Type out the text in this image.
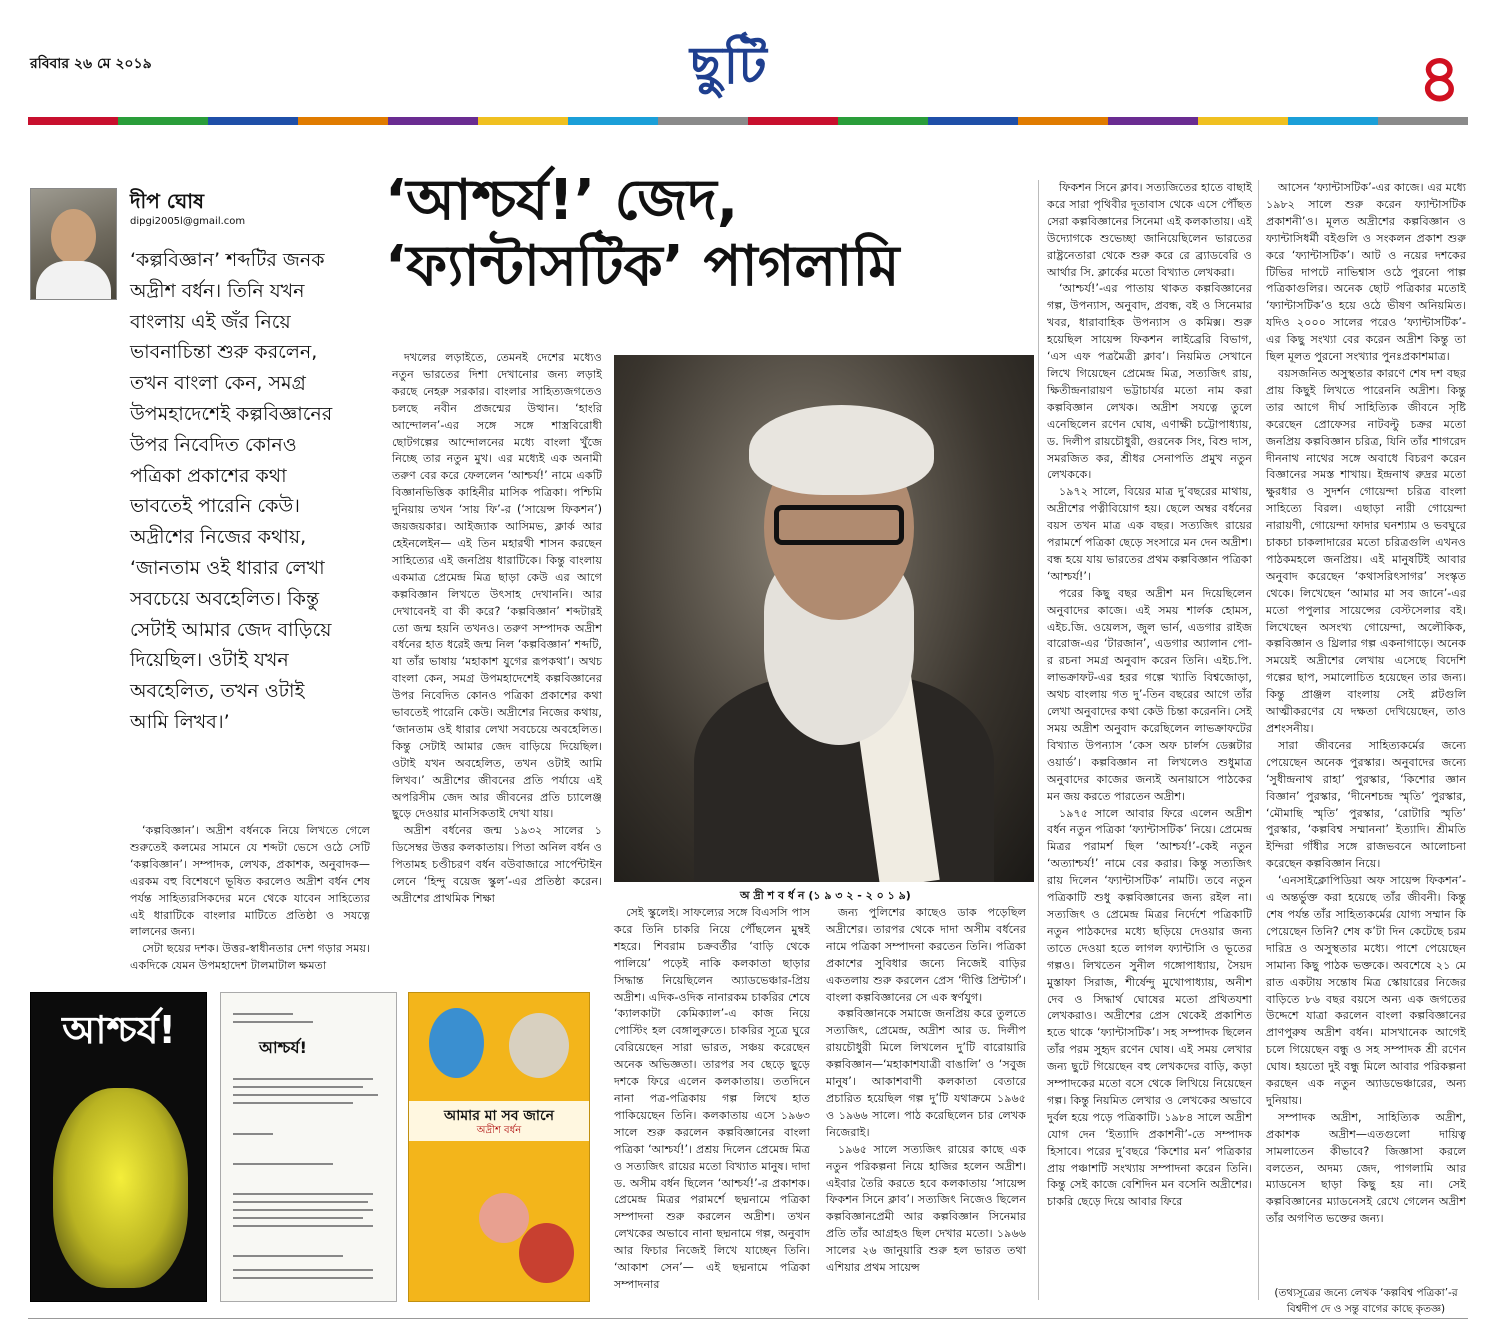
রবিবার ২৬ মে ২০১৯	ছুটি	৪
দীপ ঘোষ
dipgi2005l@gmail.com

‘কল্পবিজ্ঞান’ শব্দটির জনক অদ্রীশ বর্ধন। তিনি যখন বাংলায় এই জঁর নিয়ে ভাবনাচিন্তা শুরু করলেন, তখন বাংলা কেন, সমগ্র উপমহাদেশেই কল্পবিজ্ঞানের উপর নিবেদিত কোনও পত্রিকা প্রকাশের কথা ভাবতেই পারেনি কেউ। অদ্রীশের নিজের কথায়, ‘জানতাম ওই ধারার লেখা সবচেয়ে অবহেলিত। কিন্তু সেটাই আমার জেদ বাড়িয়ে দিয়েছিল। ওটাই যখন অবহেলিত, তখন ওটাই আমি লিখব।’

‘আশ্চর্য!’ জেদ,
‘ফ্যান্টাসটিক’ পাগলামি

‘কল্পবিজ্ঞান’। অদ্রীশ বর্ধনকে নিয়ে লিখতে গেলে শুরুতেই কলমের সামনে যে শব্দটা ভেসে ওঠে সেটি ‘কল্পবিজ্ঞান’। সম্পাদক, লেখক, প্রকাশক, অনুবাদক— এরকম বহু বিশেষণে ভূষিত করলেও অদ্রীশ বর্ধন শেষ পর্যন্ত সাহিত্যরসিকদের মনে থেকে যাবেন সাহিত্যের এই ধারাটিকে বাংলার মাটিতে প্রতিষ্ঠা ও সযত্নে লালনের জন্য।

সেটা ছয়ের দশক। উত্তর-স্বাধীনতার দেশ গড়ার সময়। একদিকে যেমন উপমহাদেশ টালমাটাল ক্ষমতা

দখলের লড়াইতে, তেমনই দেশের মধ্যেও নতুন ভারতের দিশা দেখানোর জন্য লড়াই করছে নেহরু সরকার। বাংলার সাহিত্যজগতেও চলছে নবীন প্রজন্মের উত্থান। ‘হাংরি আন্দোলন’-এর সঙ্গে সঙ্গে শাস্ত্রবিরোধী ছোটগল্পের আন্দোলনের মধ্যে বাংলা খুঁজে নিচ্ছে তার নতুন মুখ। এর মধ্যেই এক অনামী তরুণ বের করে ফেললেন ‘আশ্চর্য!’ নামে একটি বিজ্ঞানভিত্তিক কাহিনীর মাসিক পত্রিকা। পশ্চিমি দুনিয়ায় তখন ‘সায় ফি’-র (‘সায়েন্স ফিকশন’) জয়জয়কার। আইজ্যাক আসিমভ, ক্লার্ক আর হেইনলেইন— এই তিন মহারথী শাসন করছেন সাহিত্যের এই জনপ্রিয় ধারাটিকে। কিন্তু বাংলায় একমাত্র প্রেমেন্দ্র মিত্র ছাড়া কেউ এর আগে কল্পবিজ্ঞান লিখতে উৎসাহ দেখাননি। আর দেখাবেনই বা কী করে? ‘কল্পবিজ্ঞান’ শব্দটারই তো জন্ম হয়নি তখনও। তরুণ সম্পাদক অদ্রীশ বর্ধনের হাত ধরেই জন্ম নিল ‘কল্পবিজ্ঞান’ শব্দটি, যা তাঁর ভাষায় ‘মহাকাশ যুগের রূপকথা’। অথচ বাংলা কেন, সমগ্র উপমহাদেশেই কল্পবিজ্ঞানের উপর নিবেদিত কোনও পত্রিকা প্রকাশের কথা ভাবতেই পারেনি কেউ। অদ্রীশের নিজের কথায়, ‘জানতাম ওই ধারার লেখা সবচেয়ে অবহেলিত। কিন্তু সেটাই আমার জেদ বাড়িয়ে দিয়েছিল। ওটাই যখন অবহেলিত, তখন ওটাই আমি লিখব।’ অদ্রীশের জীবনের প্রতি পর্যায়ে এই অপরিসীম জেদ আর জীবনের প্রতি চ্যালেঞ্জ ছুড়ে দেওয়ার মানসিকতাই দেখা যায়।

অদ্রীশ বর্ধনের জন্ম ১৯৩২ সালের ১ ডিসেম্বর উত্তর কলকাতায়। পিতা অনিল বর্ধন ও পিতামহ চণ্ডীচরণ বর্ধন বউবাজারে সার্পেন্টাইন লেনে ‘হিন্দু বয়েজ স্কুল’-এর প্রতিষ্ঠা করেন। অদ্রীশের প্রাথমিক শিক্ষা	অ দ্রী শ ব র্ধ ন (১ ৯ ৩ ২ - ২ ০ ১ ৯)

সেই স্কুলেই। সাফল্যের সঙ্গে বিএসসি পাস করে তিনি চাকরি নিয়ে পৌঁছলেন মুম্বই শহরে। শিবরাম চক্রবর্তীর ‘বাড়ি থেকে পালিয়ে’ পড়েই নাকি কলকাতা ছাড়ার সিদ্ধান্ত নিয়েছিলেন অ্যাডভেঞ্চার-প্রিয় অদ্রীশ। এদিক-ওদিক নানারকম চাকরির শেষে ‘ক্যালকাটা কেমিক্যাল’-এ কাজ নিয়ে পোস্টিং হল বেঙ্গালুরুতে। চাকরির সূত্রে ঘুরে বেরিয়েছেন সারা ভারত, সঞ্চয় করেছেন অনেক অভিজ্ঞতা। তারপর সব ছেড়ে ছুড়ে দশকে ফিরে এলেন কলকাতায়। ততদিনে নানা পত্র-পত্রিকায় গল্প লিখে হাত পাকিয়েছেন তিনি। কলকাতায় এসে ১৯৬৩ সালে শুরু করলেন কল্পবিজ্ঞানের বাংলা পত্রিকা ‘আশ্চর্য!’। প্রশ্রয় দিলেন প্রেমেন্দ্র মিত্র ও সত্যজিৎ রায়ের মতো বিখ্যাত মানুষ। দাদা ড. অসীম বর্ধন ছিলেন ‘আশ্চর্য!’-র প্রকাশক। প্রেমেন্দ্র মিত্রর পরামর্শে ছদ্মনামে পত্রিকা সম্পাদনা শুরু করলেন অদ্রীশ। তখন লেখকের অভাবে নানা ছদ্মনামে গল্প, অনুবাদ আর ফিচার নিজেই লিখে যাচ্ছেন তিনি। ‘আকাশ সেন’— এই ছদ্মনামে পত্রিকা সম্পাদনার

জন্য পুলিশের কাছেও ডাক পড়েছিল অদ্রীশের। তারপর থেকে দাদা অসীম বর্ধনের নামে পত্রিকা সম্পাদনা করতেন তিনি। পত্রিকা প্রকাশের সুবিধার জন্যে নিজেই বাড়ির একতলায় শুরু করলেন প্রেস ‘দীপ্তি প্রিন্টার্স’। বাংলা কল্পবিজ্ঞানের সে এক স্বর্ণযুগ।

কল্পবিজ্ঞানকে সমাজে জনপ্রিয় করে তুলতে সত্যজিৎ, প্রেমেন্দ্র, অদ্রীশ আর ড. দিলীপ রায়চৌধুরী মিলে লিখলেন দু’টি বারোয়ারি কল্পবিজ্ঞান—‘মহাকাশযাত্রী বাঙালি’ ও ‘সবুজ মানুষ’। আকাশবাণী কলকাতা বেতারে প্রচারিত হয়েছিল গল্প দু’টি যথাক্রমে ১৯৬৫ ও ১৯৬৬ সালে। পাঠ করেছিলেন চার লেখক নিজেরাই।

১৯৬৫ সালে সত্যজিৎ রায়ের কাছে এক নতুন পরিকল্পনা নিয়ে হাজির হলেন অদ্রীশ। এইবার তৈরি করতে হবে কলকাতায় ‘সায়েন্স ফিকশন সিনে ক্লাব’। সত্যজিৎ নিজেও ছিলেন কল্পবিজ্ঞানপ্রেমী আর কল্পবিজ্ঞান সিনেমার প্রতি তাঁর আগ্রহও ছিল দেখার মতো। ১৯৬৬ সালের ২৬ জানুয়ারি শুরু হল ভারত তথা এশিয়ার প্রথম সায়েন্স

ফিকশন সিনে ক্লাব। সত্যজিতের হাতে বাছাই করে সারা পৃথিবীর দূতাবাস থেকে এসে পৌঁছত সেরা কল্পবিজ্ঞানের সিনেমা এই কলকাতায়। এই উদ্যোগকে শুভেচ্ছা জানিয়েছিলেন ভারতের রাষ্ট্রনেতারা থেকে শুরু করে রে ব্র্যাডবেরি ও আর্থার সি. ক্লার্কের মতো বিখ্যাত লেখকরা।

‘আশ্চর্য!’-এর পাতায় থাকত কল্পবিজ্ঞানের গল্প, উপন্যাস, অনুবাদ, প্রবন্ধ, বই ও সিনেমার খবর, ধারাবাহিক উপন্যাস ও কমিক্স। শুরু হয়েছিল সায়েন্স ফিকশন লাইব্রেরি বিভাগ, ‘এস এফ পত্রমৈত্রী ক্লাব’। নিয়মিত সেখানে লিখে গিয়েছেন প্রেমেন্দ্র মিত্র, সত্যজিৎ রায়, ক্ষিতীন্দ্রনারায়ণ ভট্টাচার্যর মতো নাম করা কল্পবিজ্ঞান লেখক। অদ্রীশ সযত্নে তুলে এনেছিলেন রণেন ঘোষ, এণাক্ষী চট্টোপাধ্যায়, ড. দিলীপ রায়চৌধুরী, গুরনেক সিং, বিশু দাস, সমরজিত কর, শ্রীধর সেনাপতি প্রমুখ নতুন লেখককে।

১৯৭২ সালে, বিয়ের মাত্র দু’বছরের মাথায়, অদ্রীশের পত্নীবিয়োগ হয়। ছেলে অম্বর বর্ধনের বয়স তখন মাত্র এক বছর। সত্যজিৎ রায়ের পরামর্শে পত্রিকা ছেড়ে সংসারে মন দেন অদ্রীশ। বন্ধ হয়ে যায় ভারতের প্রথম কল্পবিজ্ঞান পত্রিকা ‘আশ্চর্য!’।

পরের কিছু বছর অদ্রীশ মন দিয়েছিলেন অনুবাদের কাজে। এই সময় শার্লক হোমস, এইচ.জি. ওয়েলস, জুল ভার্ন, এডগার রাইজ বারোজ-এর ‘টারজান’, এডগার অ্যালান পো-র রচনা সমগ্র অনুবাদ করেন তিনি। এইচ.পি. লাভক্রাফট-এর হরর গল্পে খ্যাতি বিশ্বজোড়া, অথচ বাংলায় গত দু’-তিন বছরের আগে তাঁর লেখা অনুবাদের কথা কেউ চিন্তা করেননি। সেই সময় অদ্রীশ অনুবাদ করেছিলেন লাভক্রাফটের বিখ্যাত উপন্যাস ‘কেস অফ চার্লস ডেক্সটার ওয়ার্ড’। কল্পবিজ্ঞান না লিখলেও শুধুমাত্র অনুবাদের কাজের জন্যই অনায়াসে পাঠকের মন জয় করতে পারতেন অদ্রীশ।

১৯৭৫ সালে আবার ফিরে এলেন অদ্রীশ বর্ধন নতুন পত্রিকা ‘ফ্যান্টাসটিক’ নিয়ে। প্রেমেন্দ্র মিত্রর পরামর্শ ছিল ‘আশ্চর্য!’-কেই নতুন ‘অত্যাশ্চর্য!’ নামে বের করার। কিন্তু সত্যজিৎ রায় দিলেন ‘ফ্যান্টাসটিক’ নামটি। তবে নতুন পত্রিকাটি শুধু কল্পবিজ্ঞানের জন্য রইল না। সত্যজিৎ ও প্রেমেন্দ্র মিত্রর নির্দেশে পত্রিকাটি নতুন পাঠকদের মধ্যে ছড়িয়ে দেওয়ার জন্য তাতে দেওয়া হতে লাগল ফ্যান্টাসি ও ভূতের গল্পও। লিখতেন সুনীল গঙ্গোপাধ্যায়, সৈয়দ মুস্তাফা সিরাজ, শীর্ষেন্দু মুখোপাধ্যায়, অনীশ দেব ও সিদ্ধার্থ ঘোষের মতো প্রথিতযশা লেখকরাও। অদ্রীশের প্রেস থেকেই প্রকাশিত হতে থাকে ‘ফ্যান্টাসটিক’। সহ সম্পাদক ছিলেন তাঁর পরম সুহৃদ রণেন ঘোষ। এই সময় লেখার জন্য ছুটে গিয়েছেন বহু লেখকদের বাড়ি, কড়া সম্পাদকের মতো বসে থেকে লিখিয়ে নিয়েছেন গল্প। কিন্তু নিয়মিত লেখার ও লেখকের অভাবে দুর্বল হয়ে পড়ে পত্রিকাটি। ১৯৮৪ সালে অদ্রীশ যোগ দেন ‘ইত্যাদি প্রকাশনী’-তে সম্পাদক হিসাবে। পরের দু’বছরে ‘কিশোর মন’ পত্রিকার প্রায় পঞ্চাশটি সংখ্যায় সম্পাদনা করেন তিনি। কিন্তু সেই কাজে বেশিদিন মন বসেনি অদ্রীশের। চাকরি ছেড়ে দিয়ে আবার ফিরে

আসেন ‘ফ্যান্টাসটিক’-এর কাজে। এর মধ্যে ১৯৮২ সালে শুরু করেন ফ্যান্টাসটিক প্রকাশনী’ও। মূলত অদ্রীশের কল্পবিজ্ঞান ও ফ্যান্টাসিধর্মী বইগুলি ও সংকলন প্রকাশ শুরু করে ‘ফ্যান্টাসটিক’। আট ও নয়ের দশকের টিভির দাপটে নাভিশ্বাস ওঠে পুরনো পাল্প পত্রিকাগুলির। অনেক ছোট পত্রিকার মতোই ‘ফ্যান্টাসটিক’ও হয়ে ওঠে ভীষণ অনিয়মিত। যদিও ২০০০ সালের পরেও ‘ফ্যান্টাসটিক’-এর কিছু সংখ্যা বের করেন অদ্রীশ কিন্তু তা ছিল মূলত পুরনো সংখ্যার পুনঃপ্রকাশমাত্র।

বয়সজনিত অসুস্থতার কারণে শেষ দশ বছর প্রায় কিছুই লিখতে পারেননি অদ্রীশ। কিন্তু তার আগে দীর্ঘ সাহিত্যিক জীবনে সৃষ্টি করেছেন প্রোফেসর নাটবল্টু চক্রর মতো জনপ্রিয় কল্পবিজ্ঞান চরিত্র, যিনি তাঁর শাগরেদ দীননাথ নাথের সঙ্গে অবাধে বিচরণ করেন বিজ্ঞানের সমস্ত শাখায়। ইন্দ্রনাথ রুদ্রর মতো ক্ষুরধার ও সুদর্শন গোয়েন্দা চরিত্র বাংলা সাহিত্যে বিরল। এছাড়া নারী গোয়েন্দা নারায়ণী, গোয়েন্দা ফাদার ঘনশ্যাম ও ভবঘুরে চাকচা চাকলাদারের মতো চরিত্রগুলি এখনও পাঠকমহলে জনপ্রিয়। এই মানুষটিই আবার অনুবাদ করেছেন ‘কথাসরিৎসাগর’ সংস্কৃত থেকে। লিখেছেন ‘আমার মা সব জানে’-এর মতো পপুলার সায়েন্সের বেস্টসেলার বই। লিখেছেন অসংখ্য গোয়েন্দা, অলৌকিক, কল্পবিজ্ঞান ও থ্রিলার গল্প একনাগাড়ে। অনেক সময়েই অদ্রীশের লেখায় এসেছে বিদেশি গল্পের ছাপ, সমালোচিত হয়েছেন তার জন্য। কিন্তু প্রাঞ্জল বাংলায় সেই প্লটগুলি আত্মীকরণের যে দক্ষতা দেখিয়েছেন, তাও প্রশংসনীয়।

সারা জীবনের সাহিত্যকর্মের জন্যে পেয়েছেন অনেক পুরস্কার। অনুবাদের জন্যে ‘সুধীন্দ্রনাথ রাহা’ পুরস্কার, ‘কিশোর জ্ঞান বিজ্ঞান’ পুরস্কার, ‘দীনেশচন্দ্র স্মৃতি’ পুরস্কার, ‘মৌমাছি স্মৃতি’ পুরস্কার, ‘রোটারি স্মৃতি’ পুরস্কার, ‘কল্পবিশ্ব সম্মাননা’ ইত্যাদি। শ্রীমতি ইন্দিরা গাঁধীর সঙ্গে রাজভবনে আলোচনা করেছেন কল্পবিজ্ঞান নিয়ে।

‘এনসাইক্লোপিডিয়া অফ সায়েন্স ফিকশন’-এ অন্তর্ভুক্ত করা হয়েছে তাঁর জীবনী। কিন্তু শেষ পর্যন্ত তাঁর সাহিত্যকর্মের যোগ্য সম্মান কি পেয়েছেন তিনি? শেষ ক’টা দিন কেটেছে চরম দারিদ্র ও অসুস্থতার মধ্যে। পাশে পেয়েছেন সামান্য কিছু পাঠক ভক্তকে। অবশেষে ২১ মে রাত একটায় সন্তোষ মিত্র স্কোয়ারের নিজের বাড়িতে ৮৬ বছর বয়সে অন্য এক জগতের উদ্দেশে যাত্রা করলেন বাংলা কল্পবিজ্ঞানের প্রাণপুরুষ অদ্রীশ বর্ধন। মাসখানেক আগেই চলে গিয়েছেন বন্ধু ও সহ সম্পাদক শ্রী রণেন ঘোষ। হয়তো দুই বন্ধু মিলে আবার পরিকল্পনা করছেন এক নতুন অ্যাডভেঞ্চারের, অন্য দুনিয়ায়।

সম্পাদক অদ্রীশ, সাহিত্যিক অদ্রীশ, প্রকাশক অদ্রীশ—এতগুলো দায়িত্ব সামলাতেন কীভাবে? জিজ্ঞাসা করলে বলতেন, অদম্য জেদ, পাগলামি আর ম্যাডনেস ছাড়া কিছু হয় না। সেই কল্পবিজ্ঞানের ম্যাডনেসই রেখে গেলেন অদ্রীশ তাঁর অগণিত ভক্তের জন্য।

(তথ্যসূত্রের জন্যে লেখক ‘কল্পবিশ্ব পত্রিকা’-র বিশ্বদীপ দে ও সন্তু বাগের কাছে কৃতজ্ঞ)
আশ্চর্য!	আশ্চর্য!
আমার মা সব জানে
অদ্রীশ বর্ধন
